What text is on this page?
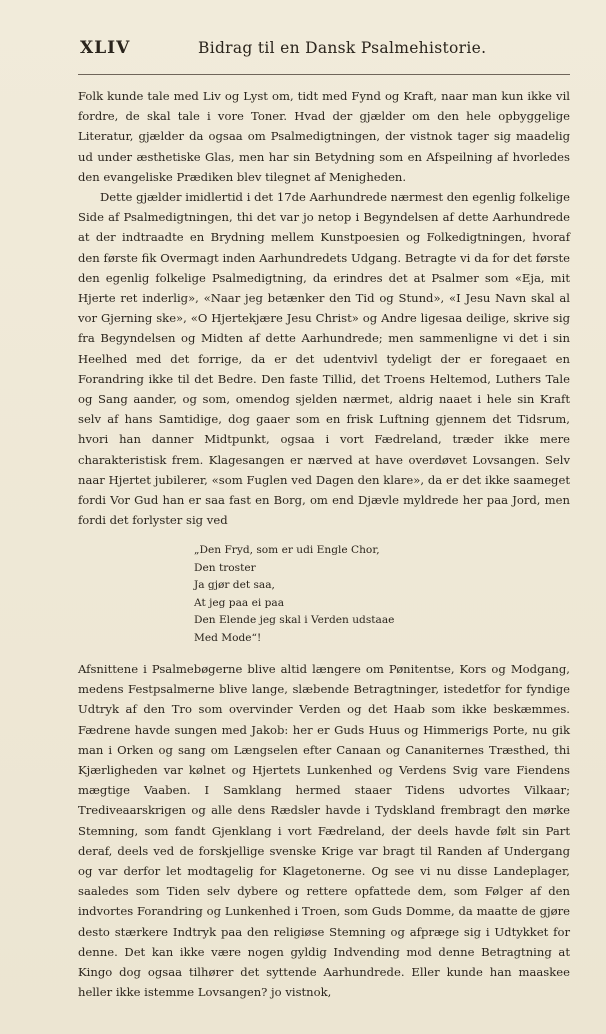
XLIV	Bidrag til en Dansk Psalmehistorie.

Folk kunde tale med Liv og Lyst om, tidt med Fynd og Kraft, naar man kun ikke vil fordre, de skal tale i vore Toner. Hvad der gjælder om den hele opbyggelige Literatur, gjælder da ogsaa om Psalmedigtningen, der vistnok tager sig maadelig ud under æsthetiske Glas, men har sin Betydning som en Afspeilning af hvorledes den evangeliske Prædiken blev tilegnet af Menigheden.

Dette gjælder imidlertid i det 17de Aarhundrede nærmest den egenlig folkelige Side af Psalmedigtningen, thi det var jo netop i Begyndelsen af dette Aarhundrede at der indtraadte en Brydning mellem Kunstpoesien og Folkedigtningen, hvoraf den første fik Overmagt inden Aarhundredets Udgang. Betragte vi da for det første den egenlig folkelige Psalmedigtning, da erindres det at Psalmer som «Eja, mit Hjerte ret inderlig», «Naar jeg betænker den Tid og Stund», «I Jesu Navn skal al vor Gjerning ske», «O Hjertekjære Jesu Christ» og Andre ligesaa deilige, skrive sig fra Begyndelsen og Midten af dette Aarhundrede; men sammenligne vi det i sin Heelhed med det forrige, da er det udentvivl tydeligt der er foregaaet en Forandring ikke til det Bedre. Den faste Tillid, det Troens Heltemod, Luthers Tale og Sang aander, og som, omendog sjelden nærmet, aldrig naaet i hele sin Kraft selv af hans Samtidige, dog gaaer som en frisk Luftning gjennem det Tidsrum, hvori han danner Midtpunkt, ogsaa i vort Fædreland, træder ikke mere charakteristisk frem. Klagesangen er nærved at have overdøvet Lovsangen. Selv naar Hjertet jubilerer, «som Fuglen ved Dagen den klare», da er det ikke saameget fordi Vor Gud han er saa fast en Borg, om end Djævle myldrede her paa Jord, men fordi det forlyster sig ved

„Den Fryd, som er udi Engle Chor,
Den troster
Ja gjør det saa,
At jeg paa ei paa
Den Elende jeg skal i Verden udstaae
Med Mode“!

Afsnittene i Psalmebøgerne blive altid længere om Pønitentse, Kors og Modgang, medens Festpsalmerne blive lange, slæbende Betragtninger, istedetfor for fyndige Udtryk af den Tro som overvinder Verden og det Haab som ikke beskæmmes. Fædrene havde sungen med Jakob: her er Guds Huus og Himmerigs Porte, nu gik man i Orken og sang om Længselen efter Canaan og Cananiternes Træsthed, thi Kjærligheden var kølnet og Hjertets Lunkenhed og Verdens Svig vare Fiendens mægtige Vaaben. I Samklang hermed staaer Tidens udvortes Vilkaar; Trediveaarskrigen og alle dens Rædsler havde i Tydskland frembragt den mørke Stemning, som fandt Gjenklang i vort Fædreland, der deels havde følt sin Part deraf, deels ved de forskjellige svenske Krige var bragt til Randen af Undergang og var derfor let modtagelig for Klagetonerne. Og see vi nu disse Landeplager, saaledes som Tiden selv dybere og rettere opfattede dem, som Følger af den indvortes Forandring og Lunkenhed i Troen, som Guds Domme, da maatte de gjøre desto stærkere Indtryk paa den religiøse Stemning og afpræge sig i Udtykket for denne. Det kan ikke være nogen gyldig Indvending mod denne Betragtning at Kingo dog ogsaa tilhører det syttende Aarhundrede. Eller kunde han maaskee heller ikke istemme Lovsangen? jo vistnok,
